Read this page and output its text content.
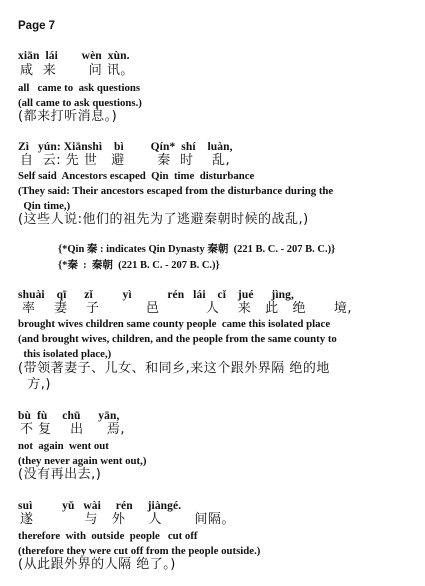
Page 7
xiān  lái        wèn  xùn.
咸  来       问 讯。
all   came to  ask questions
(all came to ask questions.)
(都来打听消息。)
Zì   yún: Xiānshì    bì         Qín*  shí    luàn,
自  云: 先 世   避       秦  时    乱,
Self said  Ancestors escaped  Qin  time  disturbance
(They said: Their ancestors escaped from the disturbance during the
Qin time,)
(这些人说:他们的祖先为了逃避秦朝时候的战乱,)
{*Qin 秦 : indicates Qin Dynasty 秦朝  (221 B. C. - 207 B. C.)}
{*秦  :  秦朝  (221 B. C. - 207 B. C.)}
shuài    qī      zǐ          yì            rén   lái    cǐ    jué      jìng,
率    妻    子          邑          人    来   此   绝      境,
brought wives children same county people  came this isolated place
(and brought wives, children, and the people from the same county to
this isolated place,)
(带领著妻子、儿女、和同乡,来这个跟外界隔 绝的地
方,)
bù  fù     chū      yān,
不 复    出     焉,
not  again  went out
(they never again went out,)
(没有再出去,)
suì          yǔ   wài     rén     jiàngé.
遂           与   外     人       间隔。
therefore  with  outside  people   cut off
(therefore they were cut off from the people outside.)
(从此跟外界的人隔 绝了。)
